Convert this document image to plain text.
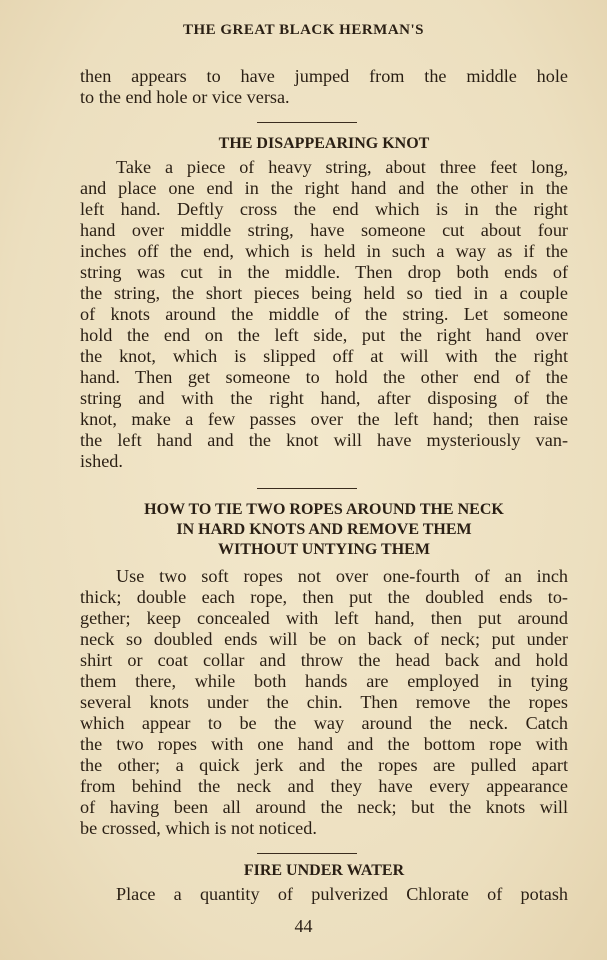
THE GREAT BLACK HERMAN'S
then appears to have jumped from the middle hole
to the end hole or vice versa.
THE DISAPPEARING KNOT
Take a piece of heavy string, about three feet long,
and place one end in the right hand and the other in the
left hand. Deftly cross the end which is in the right
hand over middle string, have someone cut about four
inches off the end, which is held in such a way as if the
string was cut in the middle. Then drop both ends of
the string, the short pieces being held so tied in a couple
of knots around the middle of the string. Let someone
hold the end on the left side, put the right hand over
the knot, which is slipped off at will with the right
hand. Then get someone to hold the other end of the
string and with the right hand, after disposing of the
knot, make a few passes over the left hand; then raise
the left hand and the knot will have mysteriously van-
ished.
HOW TO TIE TWO ROPES AROUND THE NECK
IN HARD KNOTS AND REMOVE THEM
WITHOUT UNTYING THEM
Use two soft ropes not over one-fourth of an inch
thick; double each rope, then put the doubled ends to-
gether; keep concealed with left hand, then put around
neck so doubled ends will be on back of neck; put under
shirt or coat collar and throw the head back and hold
them there, while both hands are employed in tying
several knots under the chin. Then remove the ropes
which appear to be the way around the neck. Catch
the two ropes with one hand and the bottom rope with
the other; a quick jerk and the ropes are pulled apart
from behind the neck and they have every appearance
of having been all around the neck; but the knots will
be crossed, which is not noticed.
FIRE UNDER WATER
Place a quantity of pulverized Chlorate of potash
44
